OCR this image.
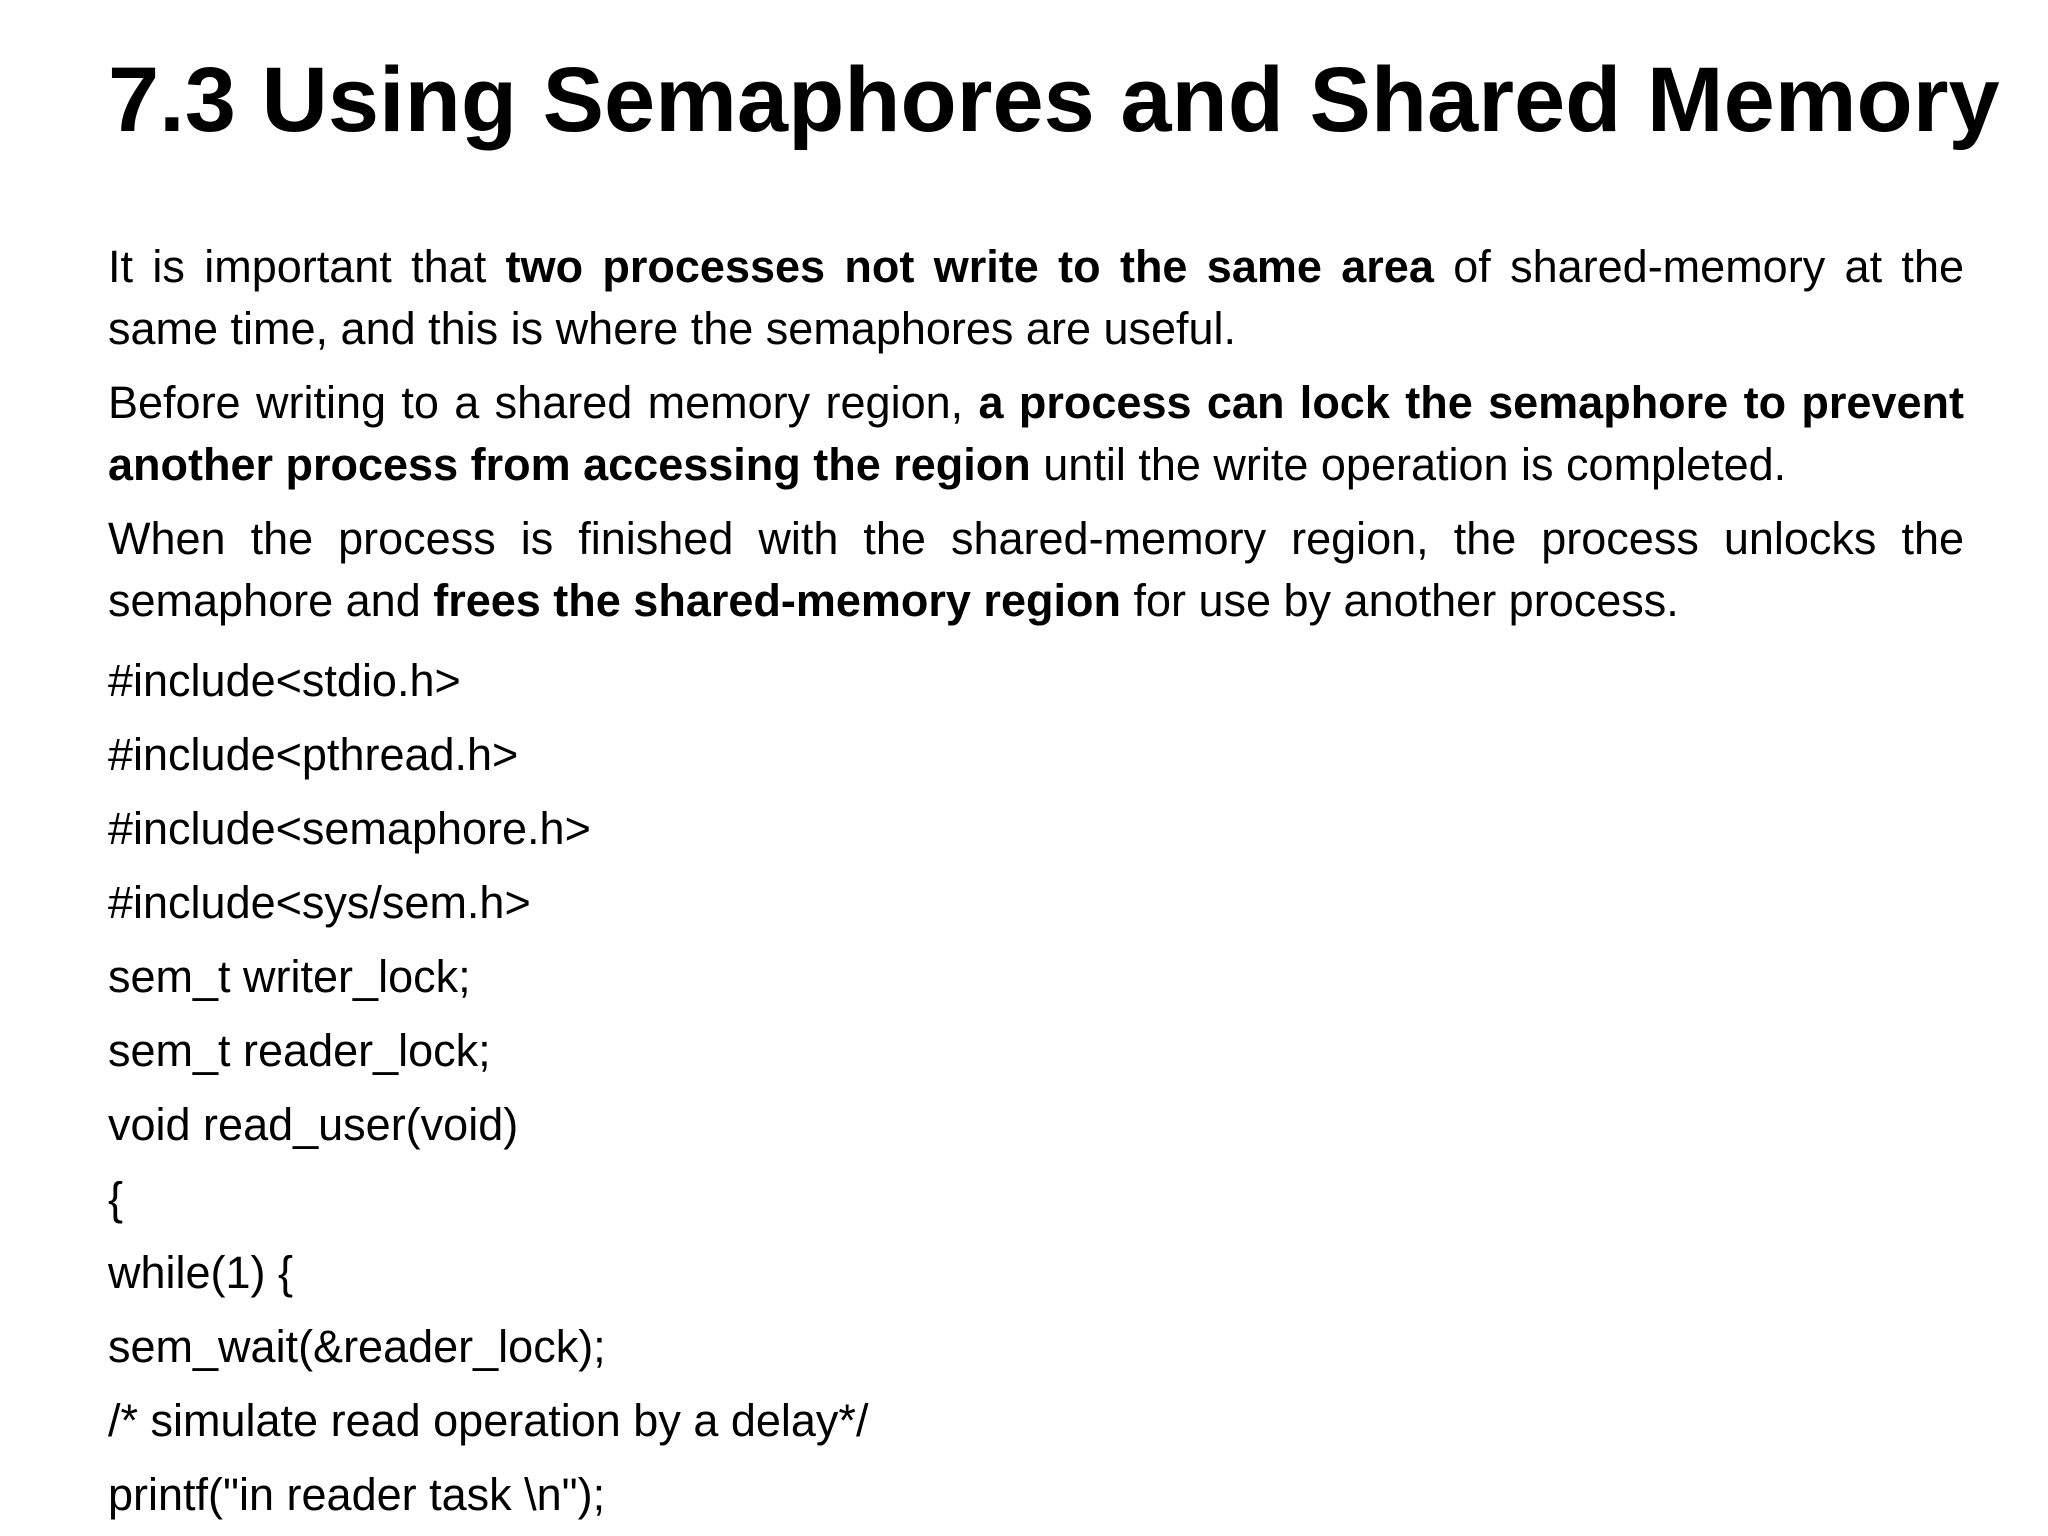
7.3 Using Semaphores and Shared Memory

It is important that two processes not write to the same area of shared-memory at the same time, and this is where the semaphores are useful.

Before writing to a shared memory region, a process can lock the semaphore to prevent another process from accessing the region until the write operation is completed.

When the process is finished with the shared-memory region, the process unlocks the semaphore and frees the shared-memory region for use by another process.

#include<stdio.h>
#include<pthread.h>
#include<semaphore.h>
#include<sys/sem.h>
sem_t writer_lock;
sem_t reader_lock;
void read_user(void)
{
while(1) {
sem_wait(&reader_lock);
/* simulate read operation by a delay*/
printf("in reader task \n");
